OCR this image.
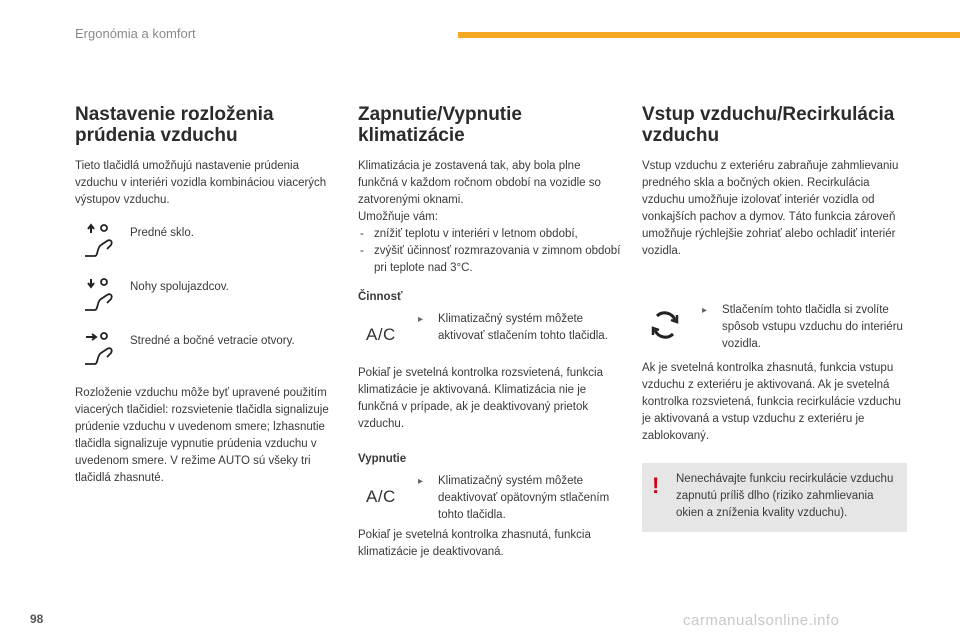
Ergonómia a komfort
Nastavenie rozloženia
prúdenia vzduchu

Tieto tlačidlá umožňujú nastavenie prúdenia vzduchu v interiéri vozidla kombináciou viacerých výstupov vzduchu.

Predné sklo.
Nohy spolujazdcov.
Stredné a bočné vetracie otvory.

Rozloženie vzduchu môže byť upravené použitím viacerých tlačidiel: rozsvietenie tlačidla signalizuje prúdenie vzduchu v uvedenom smere; lzhasnutie tlačidla signalizuje vypnutie prúdenia vzduchu v uvedenom smere. V režime AUTO sú všeky tri tlačidlá zhasnuté.

Zapnutie/Vypnutie
klimatizácie

Klimatizácia je zostavená tak, aby bola plne funkčná v každom ročnom období na vozidle so zatvorenými oknami.

Umožňuje vám:

- znížiť teplotu v interiéri v letnom období,
- zvýšiť účinnosť rozmrazovania v zimnom období pri teplote nad 3°C.
Činnosť
A/C
▸ Klimatizačný systém môžete aktivovať stlačením tohto tlačidla.

Pokiaľ je svetelná kontrolka rozsvietená, funkcia klimatizácie je aktivovaná. Klimatizácia nie je funkčná v prípade, ak je deaktivovaný prietok vzduchu.

Vypnutie
A/C
▸ Klimatizačný systém môžete deaktivovať opätovným stlačením tohto tlačidla.

Pokiaľ je svetelná kontrolka zhasnutá, funkcia klimatizácie je deaktivovaná.

Vstup vzduchu/Recirkulácia
vzduchu

Vstup vzduchu z exteriéru zabraňuje zahmlievaniu predného skla a bočných okien. Recirkulácia vzduchu umožňuje izolovať interiér vozidla od vonkajších pachov a dymov. Táto funkcia zároveň umožňuje rýchlejšie zohriať alebo ochladiť interiér vozidla.

▸ Stlačením tohto tlačidla si zvolíte spôsob vstupu vzduchu do interiéru vozidla.

Ak je svetelná kontrolka zhasnutá, funkcia vstupu vzduchu z exteriéru je aktivovaná. Ak je svetelná kontrolka rozsvietená, funkcia recirkulácie vzduchu je aktivovaná a vstup vzduchu z exteriéru je zablokovaný.

! Nenechávajte funkciu recirkulácie vzduchu zapnutú príliš dlho (riziko zahmlievania okien a zníženia kvality vzduchu).

98	carmanualsonline.info
